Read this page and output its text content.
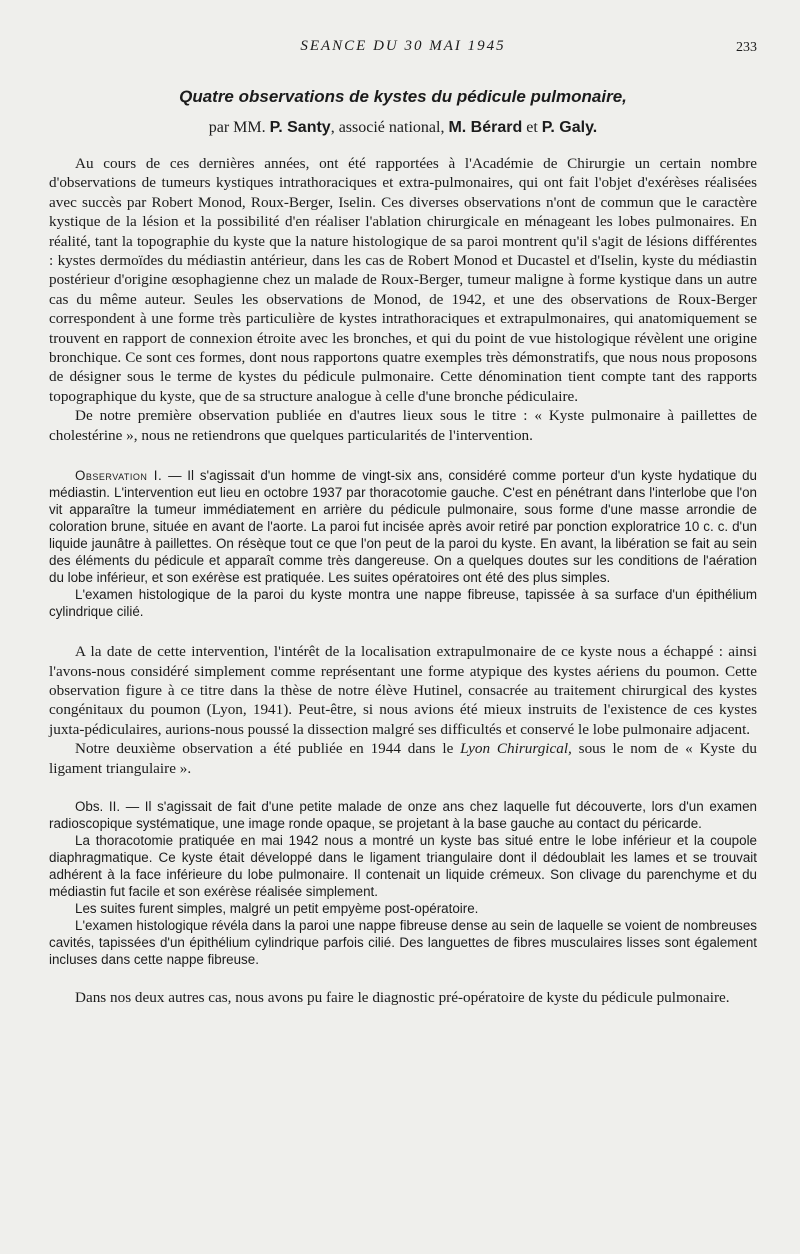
SEANCE DU 30 MAI 1945	233
Quatre observations de kystes du pédicule pulmonaire,
par MM. P. Santy, associé national, M. Bérard et P. Galy.

Au cours de ces dernières années, ont été rapportées à l'Académie de Chirurgie un certain nombre d'observations de tumeurs kystiques intrathoraciques et extra-pulmonaires, qui ont fait l'objet d'exérèses réalisées avec succès par Robert Monod, Roux-Berger, Iselin. Ces diverses observations n'ont de commun que le caractère kystique de la lésion et la possibilité d'en réaliser l'ablation chirurgicale en ménageant les lobes pulmonaires. En réalité, tant la topographie du kyste que la nature histologique de sa paroi montrent qu'il s'agit de lésions différentes : kystes dermoïdes du médiastin antérieur, dans les cas de Robert Monod et Ducastel et d'Iselin, kyste du médiastin postérieur d'origine œsophagienne chez un malade de Roux-Berger, tumeur maligne à forme kystique dans un autre cas du même auteur. Seules les observations de Monod, de 1942, et une des observations de Roux-Berger correspondent à une forme très particulière de kystes intrathoraciques et extrapulmonaires, qui anatomiquement se trouvent en rapport de connexion étroite avec les bronches, et qui du point de vue histologique révèlent une origine bronchique. Ce sont ces formes, dont nous rapportons quatre exemples très démonstratifs, que nous nous proposons de désigner sous le terme de kystes du pédicule pulmonaire. Cette dénomination tient compte tant des rapports topographique du kyste, que de sa structure analogue à celle d'une bronche pédiculaire.

De notre première observation publiée en d'autres lieux sous le titre : « Kyste pulmonaire à paillettes de cholestérine », nous ne retiendrons que quelques particularités de l'intervention.

Observation I. — Il s'agissait d'un homme de vingt-six ans, considéré comme porteur d'un kyste hydatique du médiastin. L'intervention eut lieu en octobre 1937 par thoracotomie gauche. C'est en pénétrant dans l'interlobe que l'on vit apparaître la tumeur immédiatement en arrière du pédicule pulmonaire, sous forme d'une masse arrondie de coloration brune, située en avant de l'aorte. La paroi fut incisée après avoir retiré par ponction exploratrice 10 c. c. d'un liquide jaunâtre à paillettes. On résèque tout ce que l'on peut de la paroi du kyste. En avant, la libération se fait au sein des éléments du pédicule et apparaît comme très dangereuse. On a quelques doutes sur les conditions de l'aération du lobe inférieur, et son exérèse est pratiquée. Les suites opératoires ont été des plus simples.

L'examen histologique de la paroi du kyste montra une nappe fibreuse, tapissée à sa surface d'un épithélium cylindrique cilié.

A la date de cette intervention, l'intérêt de la localisation extrapulmonaire de ce kyste nous a échappé : ainsi l'avons-nous considéré simplement comme représentant une forme atypique des kystes aériens du poumon. Cette observation figure à ce titre dans la thèse de notre élève Hutinel, consacrée au traitement chirurgical des kystes congénitaux du poumon (Lyon, 1941). Peut-être, si nous avions été mieux instruits de l'existence de ces kystes juxta-pédiculaires, aurions-nous poussé la dissection malgré ses difficultés et conservé le lobe pulmonaire adjacent.

Notre deuxième observation a été publiée en 1944 dans le Lyon Chirurgical, sous le nom de « Kyste du ligament triangulaire ».

Obs. II. — Il s'agissait de fait d'une petite malade de onze ans chez laquelle fut découverte, lors d'un examen radioscopique systématique, une image ronde opaque, se projetant à la base gauche au contact du péricarde.

La thoracotomie pratiquée en mai 1942 nous a montré un kyste bas situé entre le lobe inférieur et la coupole diaphragmatique. Ce kyste était développé dans le ligament triangulaire dont il dédoublait les lames et se trouvait adhérent à la face inférieure du lobe pulmonaire. Il contenait un liquide crémeux. Son clivage du parenchyme et du médiastin fut facile et son exérèse réalisée simplement.

Les suites furent simples, malgré un petit empyème post-opératoire.

L'examen histologique révéla dans la paroi une nappe fibreuse dense au sein de laquelle se voient de nombreuses cavités, tapissées d'un épithélium cylindrique parfois cilié. Des languettes de fibres musculaires lisses sont également incluses dans cette nappe fibreuse.

Dans nos deux autres cas, nous avons pu faire le diagnostic pré-opératoire de kyste du pédicule pulmonaire.
